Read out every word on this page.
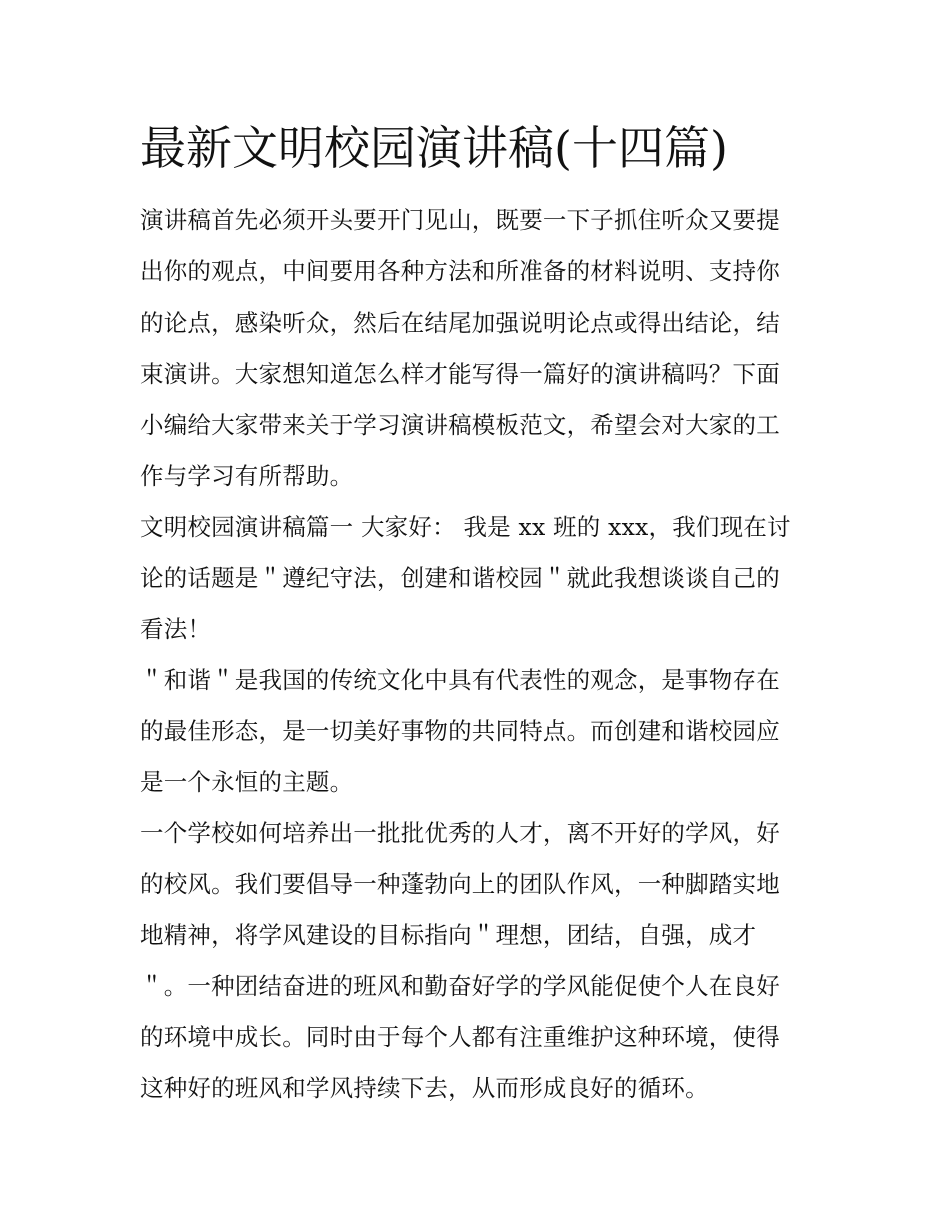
最新文明校园演讲稿(十四篇)

演讲稿首先必须开头要开门见山，既要一下子抓住听众又要提

出你的观点，中间要用各种方法和所准备的材料说明、支持你

的论点，感染听众，然后在结尾加强说明论点或得出结论，结

束演讲。大家想知道怎么样才能写得一篇好的演讲稿吗？下面

小编给大家带来关于学习演讲稿模板范文，希望会对大家的工

作与学习有所帮助。

文明校园演讲稿篇一 大家好： 我是 xx 班的 xxx，我们现在讨

论的话题是＂遵纪守法，创建和谐校园＂就此我想谈谈自己的

看法！

＂和谐＂是我国的传统文化中具有代表性的观念，是事物存在

的最佳形态，是一切美好事物的共同特点。而创建和谐校园应

是一个永恒的主题。

一个学校如何培养出一批批优秀的人才，离不开好的学风，好

的校风。我们要倡导一种蓬勃向上的团队作风，一种脚踏实地

地精神，将学风建设的目标指向＂理想，团结，自强，成才

＂。一种团结奋进的班风和勤奋好学的学风能促使个人在良好

的环境中成长。同时由于每个人都有注重维护这种环境，使得

这种好的班风和学风持续下去，从而形成良好的循环。
